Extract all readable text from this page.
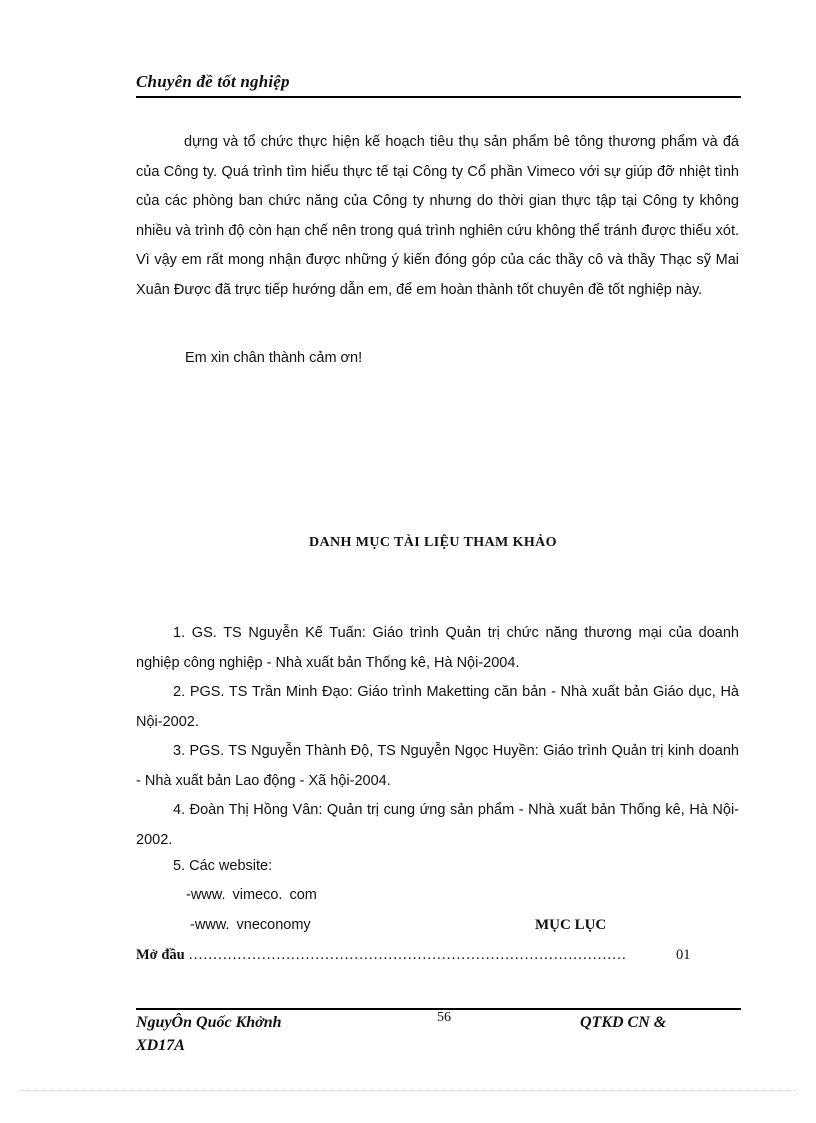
Chuyên đề tốt nghiệp
dựng và tổ chức thực hiện kế hoạch tiêu thụ sản phẩm bê tông thương phẩm và đá của Công ty. Quá trình tìm hiểu thực tế tại Công ty Cổ phần Vimeco với sự giúp đỡ nhiệt tình của các phòng ban chức năng của Công ty nhưng do thời gian thực tập tại Công ty không nhiều và trình độ còn hạn chế nên trong quá trình nghiên cứu không thể tránh được thiếu xót. Vì vậy em rất mong nhận được những ý kiến đóng góp của các thầy cô và thầy Thạc sỹ Mai Xuân Được đã trực tiếp hướng dẫn em, để em hoàn thành tốt chuyên đề tốt nghiệp này.
Em xin chân thành cảm ơn!
DANH MỤC TÀI LIỆU THAM KHẢO
1. GS. TS Nguyễn Kế Tuấn: Giáo trình Quản trị chức năng thương mại của doanh nghiệp công nghiệp - Nhà xuất bản Thống kê, Hà Nội-2004.
2. PGS. TS Trần Minh Đạo: Giáo trình Maketting căn bản - Nhà xuất bản Giáo dục, Hà Nội-2002.
3. PGS. TS Nguyễn Thành Độ, TS Nguyễn Ngọc Huyền: Giáo trình Quản trị kinh doanh - Nhà xuất bản Lao động - Xã hội-2004.
4. Đoàn Thị Hồng Vân: Quản trị cung ứng sản phẩm - Nhà xuất bản Thống kê, Hà Nội-2002.
5. Các website:
-www. vimeco. com
-www. vneconomy	MỤC LỤC
Mở đầu ………………………………………………………………………………	01
NguyÔn Quốc Khởnh	56	QTKD CN &
XD17A
